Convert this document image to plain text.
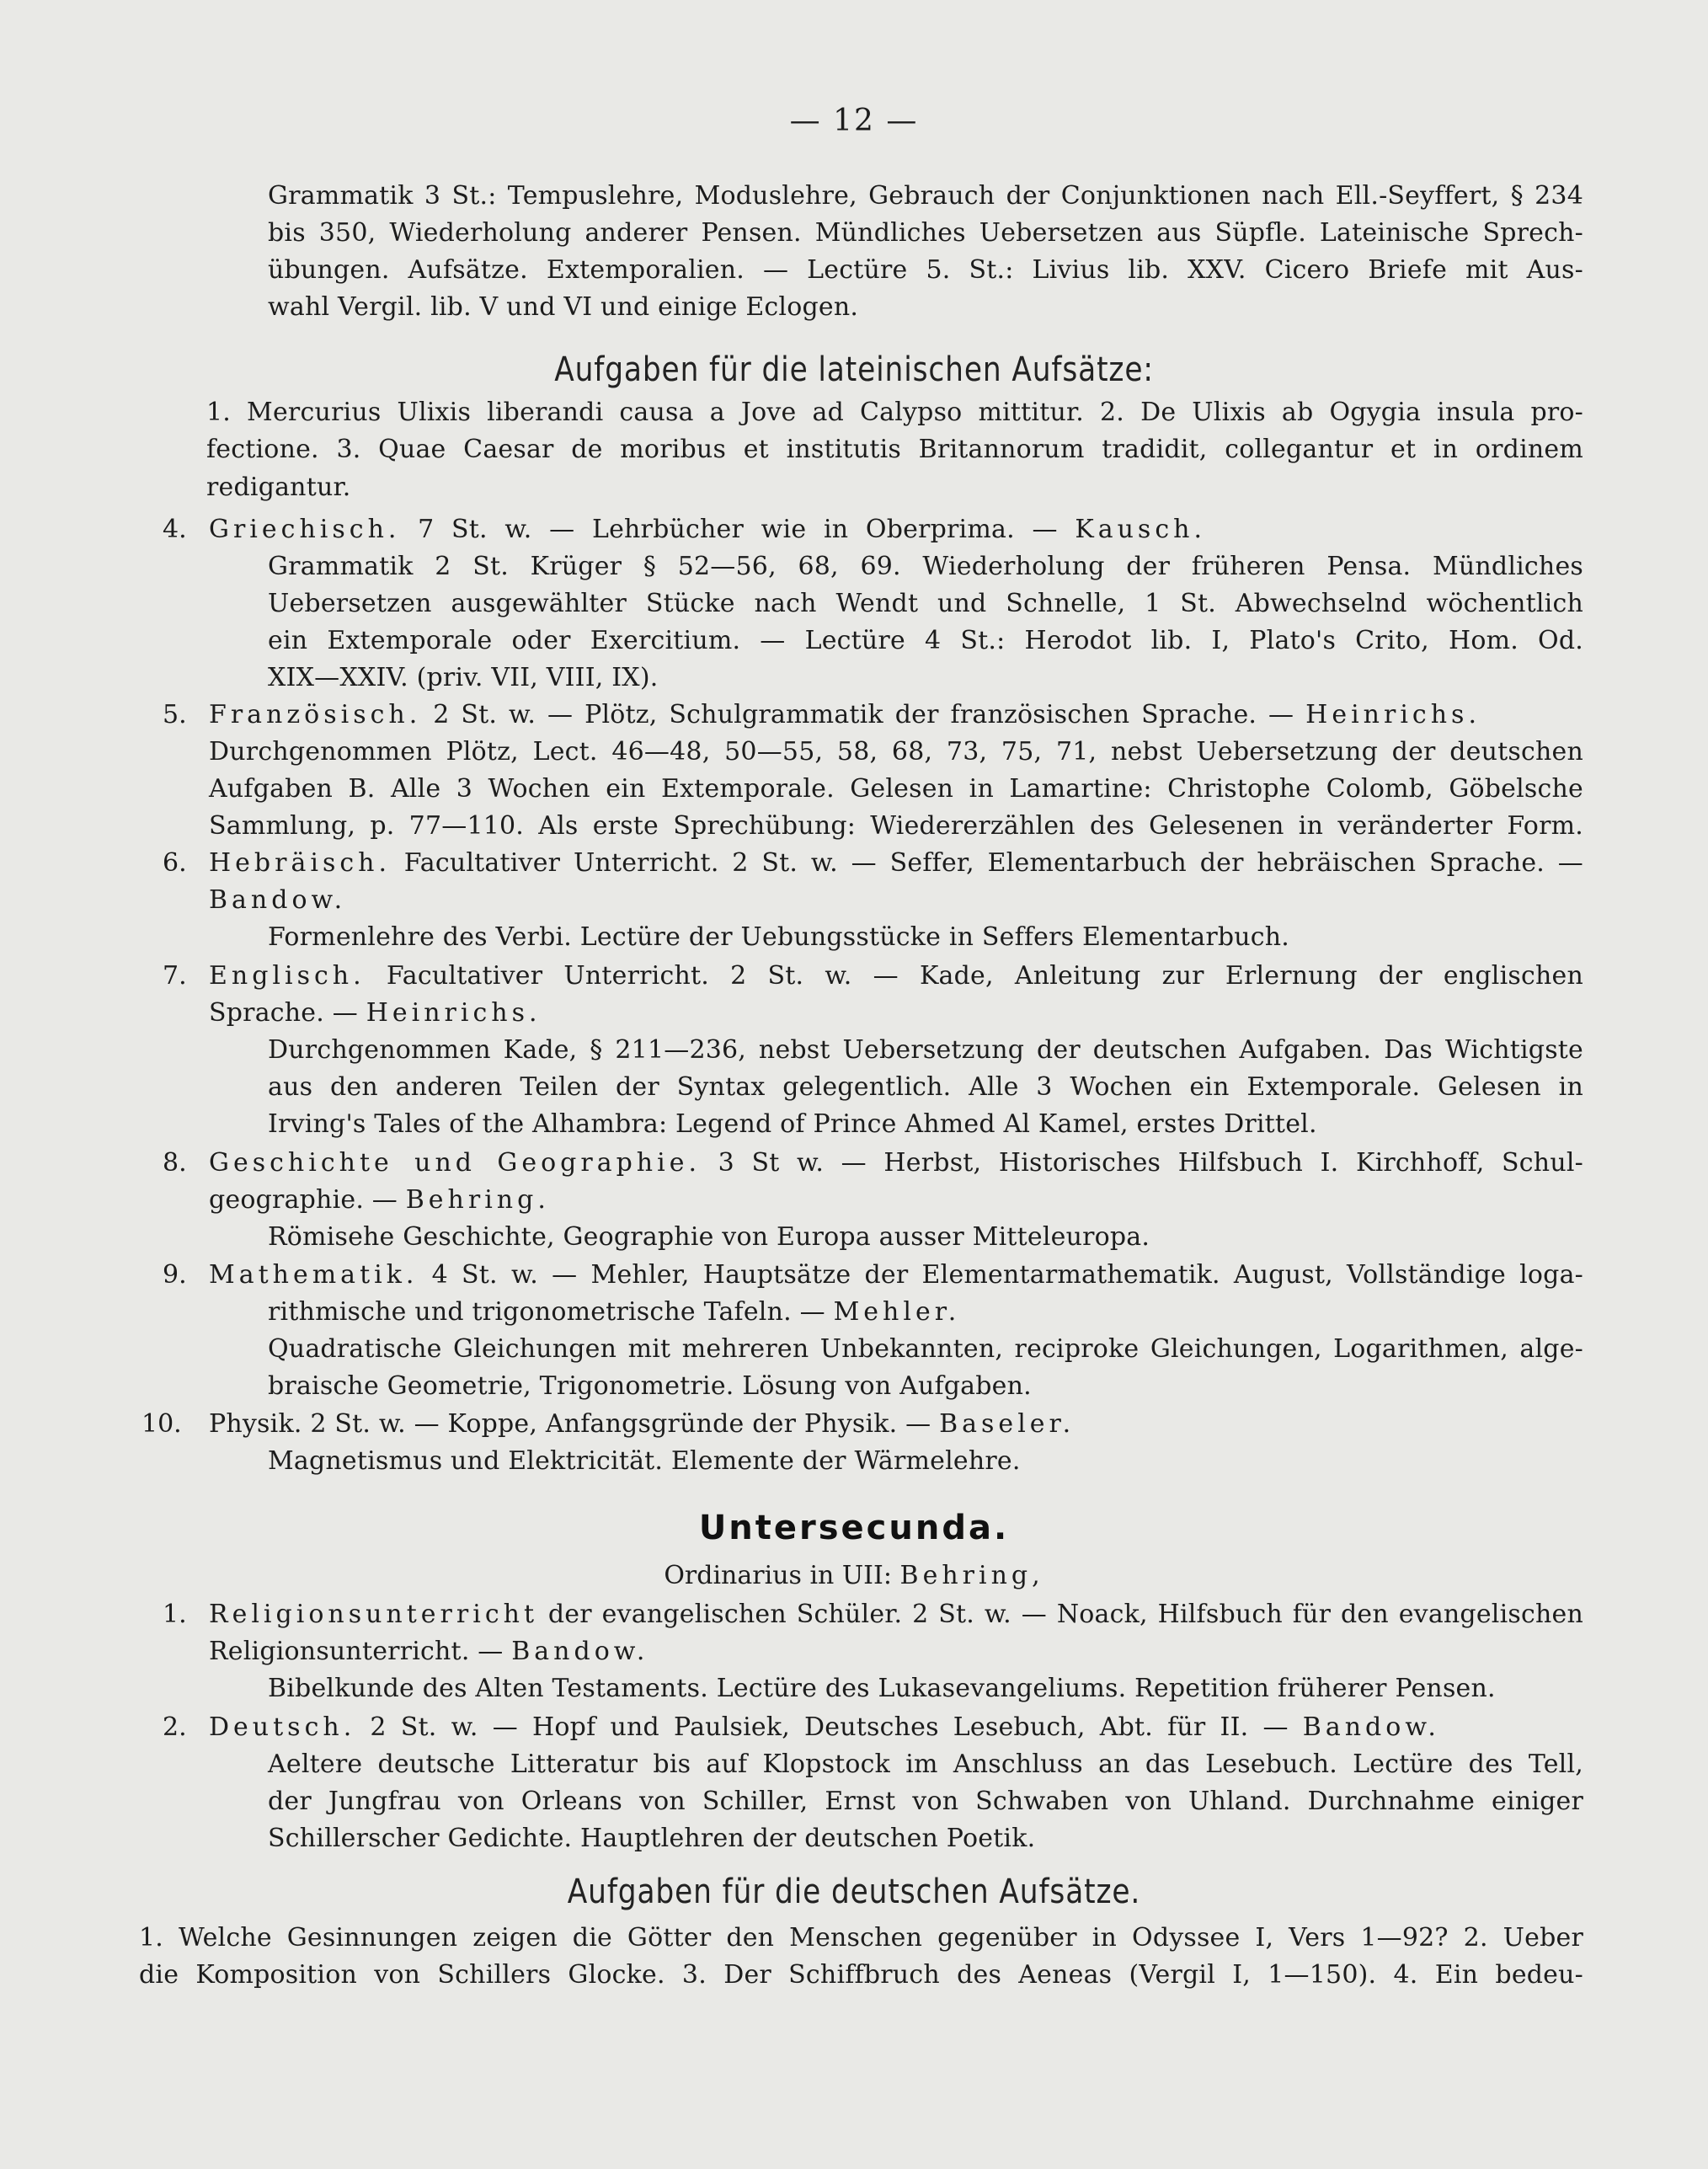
— 12 —
Grammatik 3 St.: Tempuslehre, Moduslehre, Gebrauch der Conjunktionen nach Ell.-Seyffert, § 234
bis 350, Wiederholung anderer Pensen. Mündliches Uebersetzen aus Süpfle. Lateinische Sprech-
übungen. Aufsätze. Extemporalien. — Lectüre 5. St.: Livius lib. XXV. Cicero Briefe mit Aus-
wahl Vergil. lib. V und VI und einige Eclogen.
Aufgaben für die lateinischen Aufsätze:
1. Mercurius Ulixis liberandi causa a Jove ad Calypso mittitur. 2. De Ulixis ab Ogygia insula pro-
fectione. 3. Quae Caesar de moribus et institutis Britannorum tradidit, collegantur et in ordinem
redigantur.
4. Griechisch. 7 St. w. — Lehrbücher wie in Oberprima. — Kausch.
Grammatik 2 St. Krüger § 52—56, 68, 69. Wiederholung der früheren Pensa. Mündliches
Uebersetzen ausgewählter Stücke nach Wendt und Schnelle, 1 St. Abwechselnd wöchentlich
ein Extemporale oder Exercitium. — Lectüre 4 St.: Herodot lib. I, Plato's Crito, Hom. Od.
XIX—XXIV. (priv. VII, VIII, IX).
5. Französisch. 2 St. w. — Plötz, Schulgrammatik der französischen Sprache. — Heinrichs.
Durchgenommen Plötz, Lect. 46—48, 50—55, 58, 68, 73, 75, 71, nebst Uebersetzung der deutschen
Aufgaben B. Alle 3 Wochen ein Extemporale. Gelesen in Lamartine: Christophe Colomb, Göbelsche
Sammlung, p. 77—110. Als erste Sprechübung: Wiedererzählen des Gelesenen in veränderter Form.
6. Hebräisch. Facultativer Unterricht. 2 St. w. — Seffer, Elementarbuch der hebräischen Sprache. —
Bandow.
Formenlehre des Verbi. Lectüre der Uebungsstücke in Seffers Elementarbuch.
7. Englisch. Facultativer Unterricht. 2 St. w. — Kade, Anleitung zur Erlernung der englischen
Sprache. — Heinrichs.
Durchgenommen Kade, § 211—236, nebst Uebersetzung der deutschen Aufgaben. Das Wichtigste
aus den anderen Teilen der Syntax gelegentlich. Alle 3 Wochen ein Extemporale. Gelesen in
Irving's Tales of the Alhambra: Legend of Prince Ahmed Al Kamel, erstes Drittel.
8. Geschichte und Geographie. 3 St w. — Herbst, Historisches Hilfsbuch I. Kirchhoff, Schul-
geographie. — Behring.
Römisehe Geschichte, Geographie von Europa ausser Mitteleuropa.
9. Mathematik. 4 St. w. — Mehler, Hauptsätze der Elementarmathematik. August, Vollständige loga-
rithmische und trigonometrische Tafeln. — Mehler.
Quadratische Gleichungen mit mehreren Unbekannten, reciproke Gleichungen, Logarithmen, alge-
braische Geometrie, Trigonometrie. Lösung von Aufgaben.
10. Physik. 2 St. w. — Koppe, Anfangsgründe der Physik. — Baseler.
Magnetismus und Elektricität. Elemente der Wärmelehre.
Untersecunda.
Ordinarius in UII: Behring,
1. Religionsunterricht der evangelischen Schüler. 2 St. w. — Noack, Hilfsbuch für den evangelischen
Religionsunterricht. — Bandow.
Bibelkunde des Alten Testaments. Lectüre des Lukasevangeliums. Repetition früherer Pensen.
2. Deutsch. 2 St. w. — Hopf und Paulsiek, Deutsches Lesebuch, Abt. für II. — Bandow.
Aeltere deutsche Litteratur bis auf Klopstock im Anschluss an das Lesebuch. Lectüre des Tell,
der Jungfrau von Orleans von Schiller, Ernst von Schwaben von Uhland. Durchnahme einiger
Schillerscher Gedichte. Hauptlehren der deutschen Poetik.
Aufgaben für die deutschen Aufsätze.
1. Welche Gesinnungen zeigen die Götter den Menschen gegenüber in Odyssee I, Vers 1—92? 2. Ueber
die Komposition von Schillers Glocke. 3. Der Schiffbruch des Aeneas (Vergil I, 1—150). 4. Ein bedeu-
